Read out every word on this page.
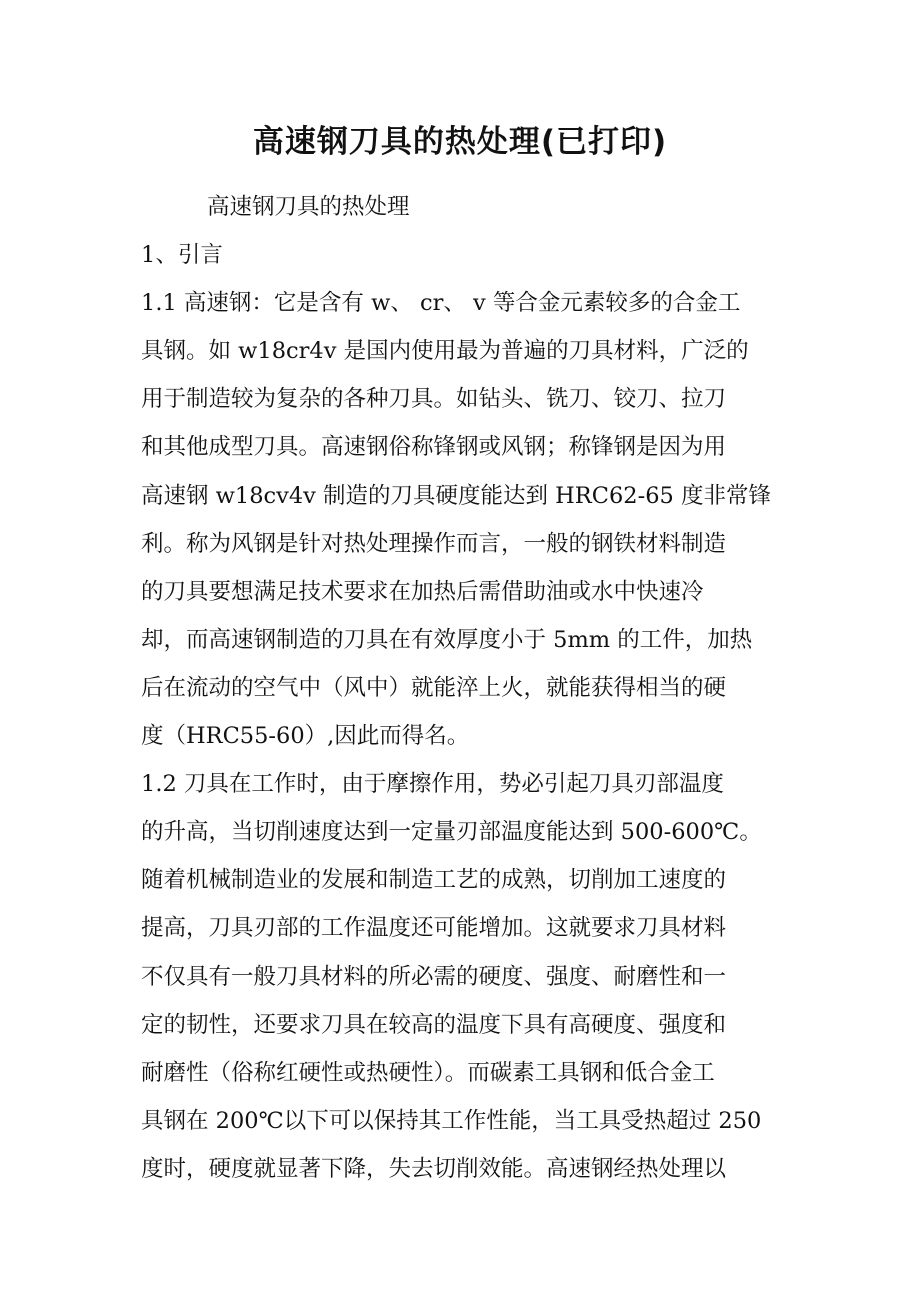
高速钢刀具的热处理(已打印)
高速钢刀具的热处理
1、引言
1.1 高速钢：它是含有 w、 cr、 v 等合金元素较多的合金工
具钢。如 w18cr4v 是国内使用最为普遍的刀具材料，广泛的
用于制造较为复杂的各种刀具。如钻头、铣刀、铰刀、拉刀
和其他成型刀具。高速钢俗称锋钢或风钢；称锋钢是因为用
高速钢 w18cv4v 制造的刀具硬度能达到 HRC62-65 度非常锋
利。称为风钢是针对热处理操作而言，一般的钢铁材料制造
的刀具要想满足技术要求在加热后需借助油或水中快速冷
却，而高速钢制造的刀具在有效厚度小于 5mm 的工件，加热
后在流动的空气中（风中）就能淬上火，就能获得相当的硬
度（HRC55-60）,因此而得名。
1.2 刀具在工作时，由于摩擦作用，势必引起刀具刃部温度
的升高，当切削速度达到一定量刃部温度能达到 500-600℃。
随着机械制造业的发展和制造工艺的成熟，切削加工速度的
提高，刀具刃部的工作温度还可能增加。这就要求刀具材料
不仅具有一般刀具材料的所必需的硬度、强度、耐磨性和一
定的韧性，还要求刀具在较高的温度下具有高硬度、强度和
耐磨性（俗称红硬性或热硬性）。而碳素工具钢和低合金工
具钢在 200℃以下可以保持其工作性能，当工具受热超过 250
度时，硬度就显著下降，失去切削效能。高速钢经热处理以
